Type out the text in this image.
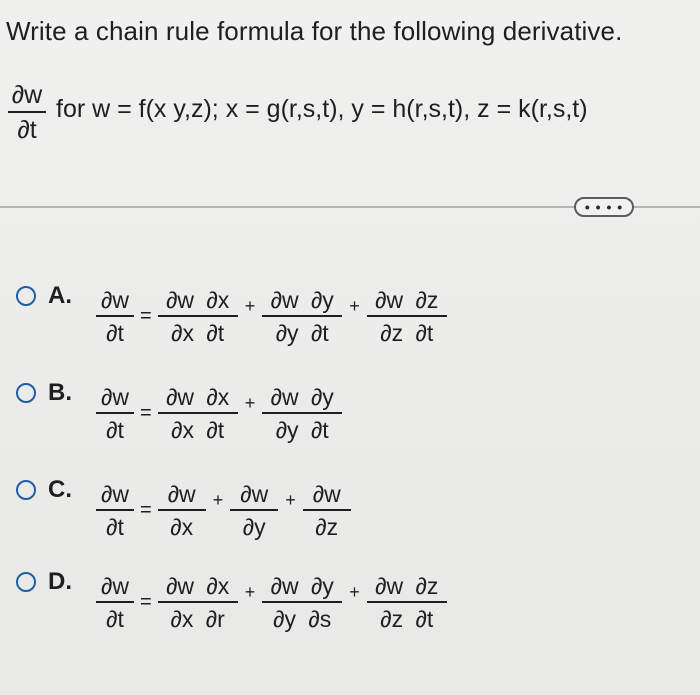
Write a chain rule formula for the following derivative.
$\frac{\partial w}{\partial t}$ for w = f(x y,z); x = g(r,s,t), y = h(r,s,t), z = k(r,s,t)
• • • •
A.	$\frac{\partial w}{\partial t} = \frac{\partial w \partial x}{\partial x \partial t} + \frac{\partial w \partial y}{\partial y \partial t} + \frac{\partial w \partial z}{\partial z \partial t}$
B.	$\frac{\partial w}{\partial t} = \frac{\partial w \partial x}{\partial x \partial t} + \frac{\partial w \partial y}{\partial y \partial t}$
C.	$\frac{\partial w}{\partial t} = \frac{\partial w}{\partial x} + \frac{\partial w}{\partial y} + \frac{\partial w}{\partial z}$
D.	$\frac{\partial w}{\partial t} = \frac{\partial w \partial x}{\partial x \partial r} + \frac{\partial w \partial y}{\partial y \partial s} + \frac{\partial w \partial z}{\partial z \partial t}$
